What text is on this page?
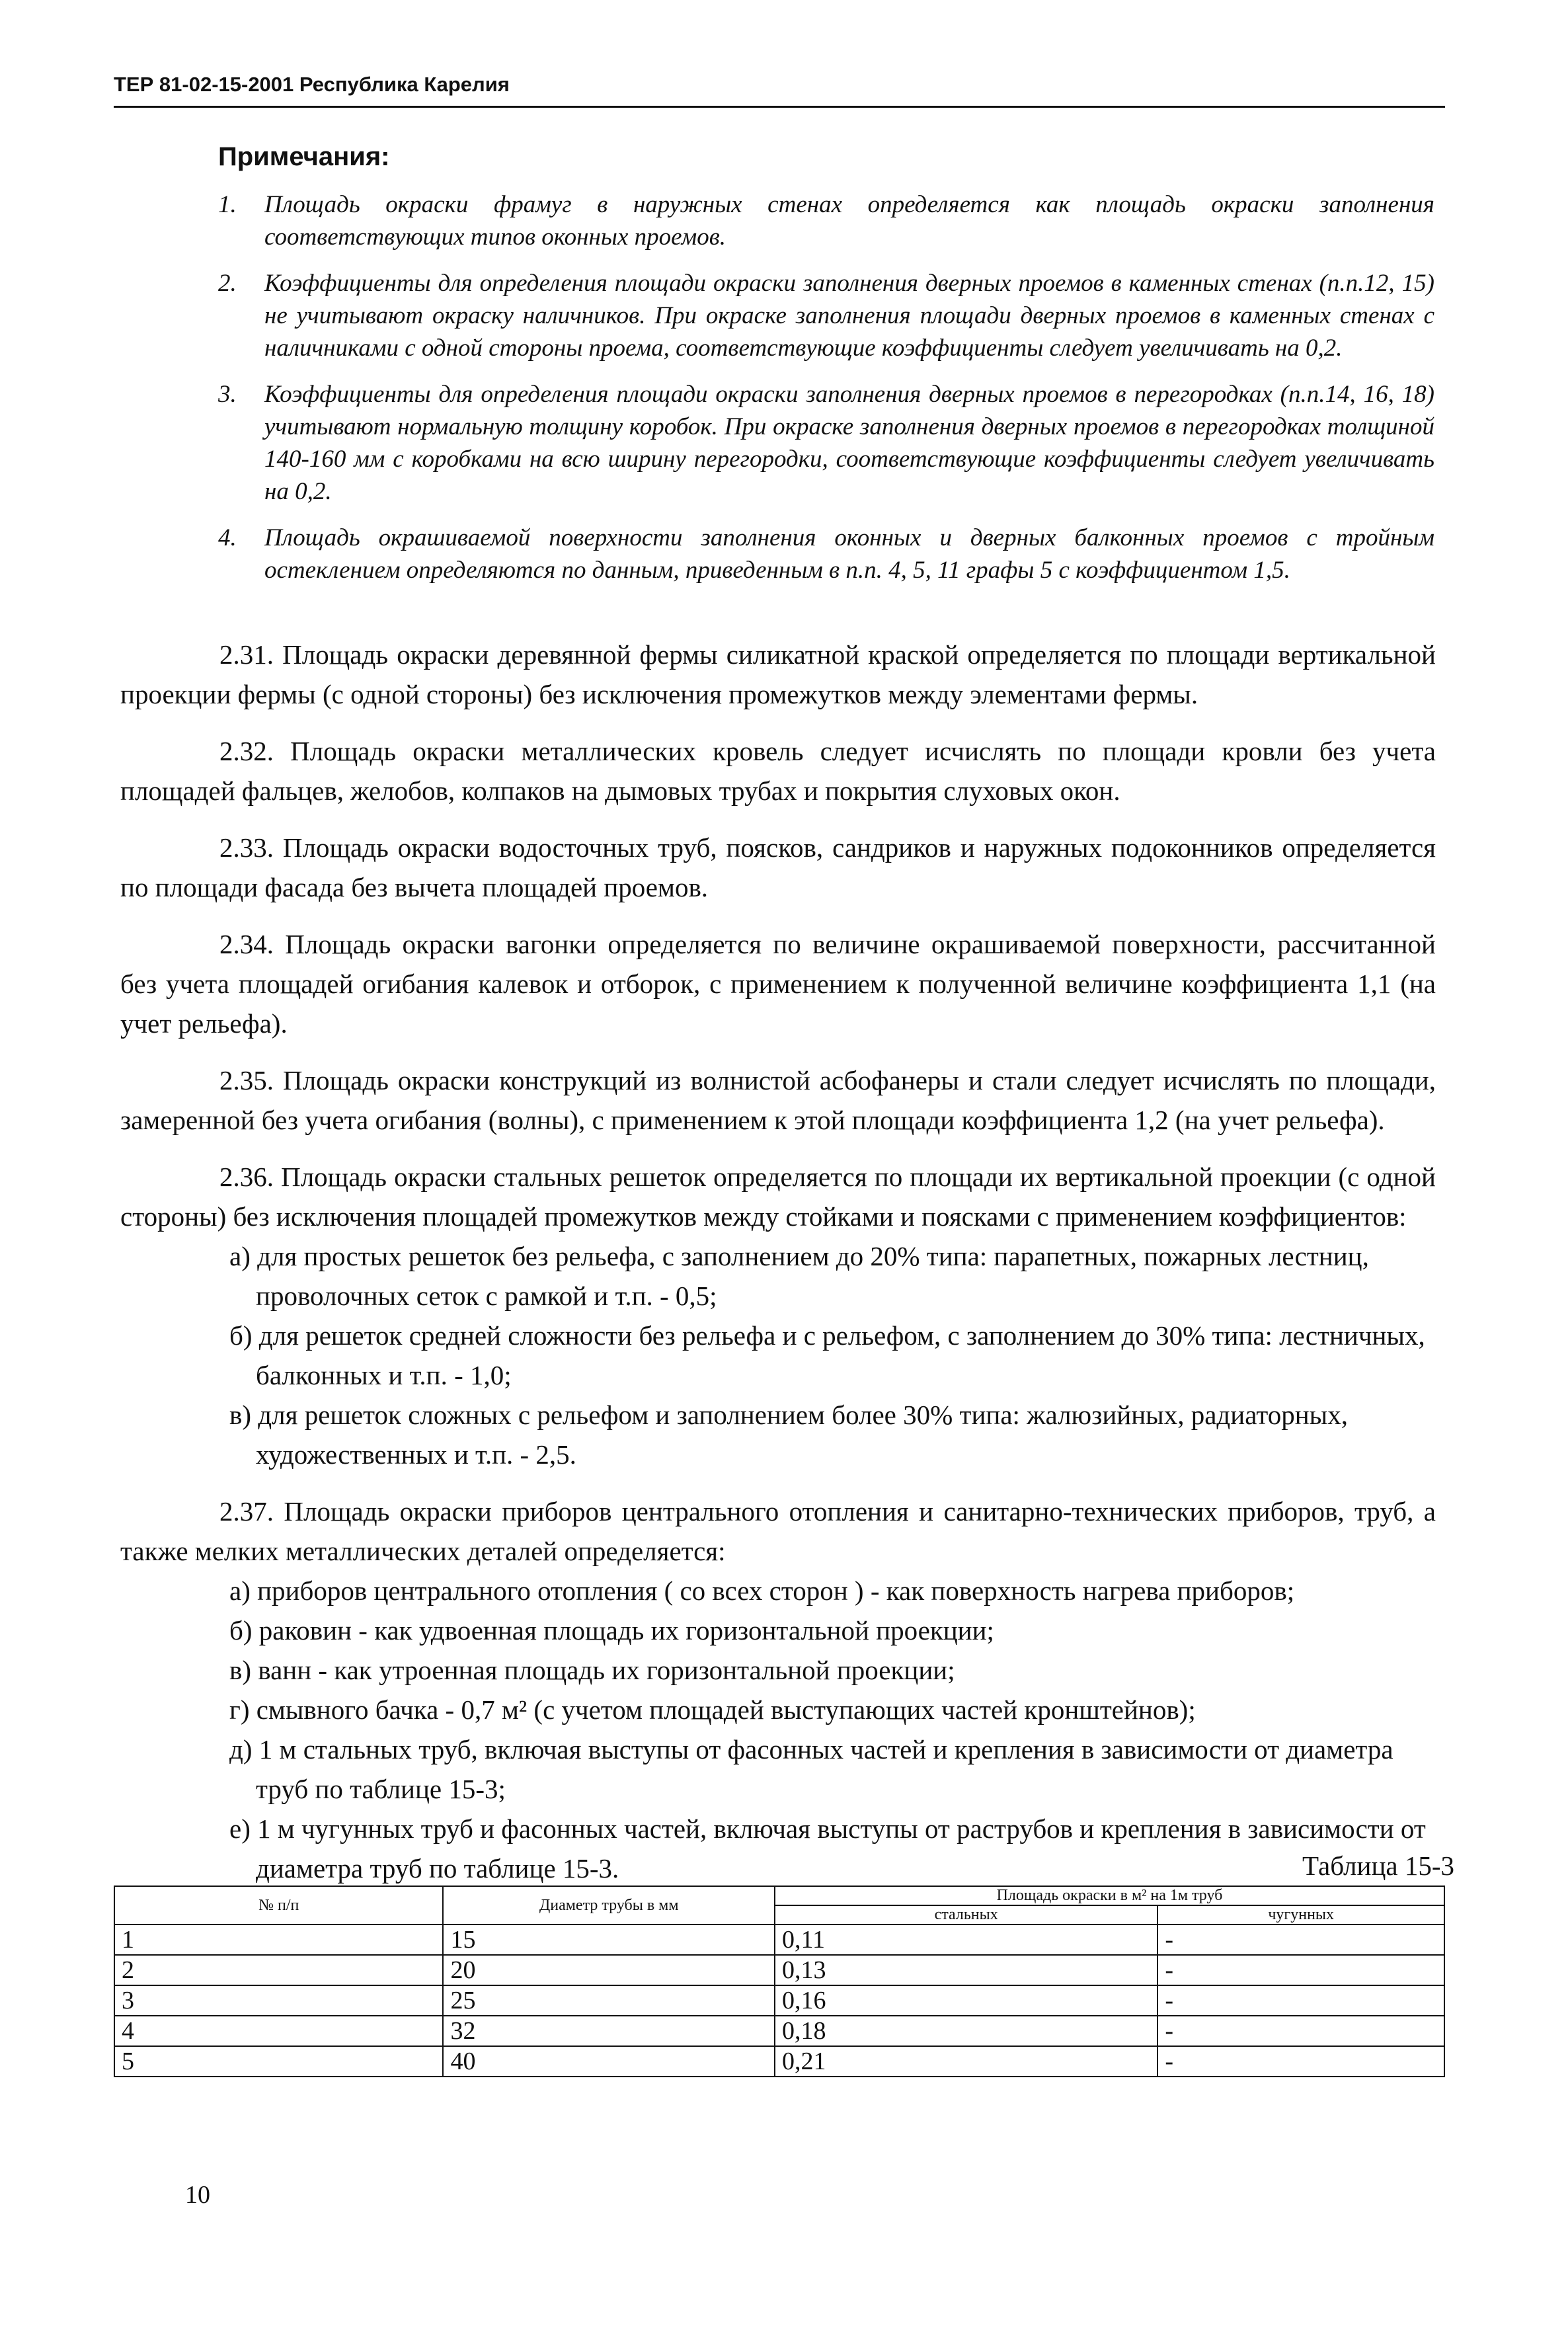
ТЕР 81-02-15-2001 Республика Карелия
Примечания:
1. Площадь окраски фрамуг в наружных стенах определяется как площадь окраски заполнения соответствующих типов оконных проемов.
2. Коэффициенты для определения площади окраски заполнения дверных проемов в каменных стенах (п.п.12, 15) не учитывают окраску наличников. При окраске заполнения площади дверных проемов в каменных стенах с наличниками с одной стороны проема, соответствующие коэффициенты следует увеличивать на 0,2.
3. Коэффициенты для определения площади окраски заполнения дверных проемов в перегородках (п.п.14, 16, 18) учитывают нормальную толщину коробок. При окраске заполнения дверных проемов в перегородках толщиной 140-160 мм с коробками на всю ширину перегородки, соответствующие коэффициенты следует увеличивать на 0,2.
4. Площадь окрашиваемой поверхности заполнения оконных и дверных балконных проемов с тройным остеклением определяются по данным, приведенным в п.п. 4, 5, 11 графы 5 с коэффициентом 1,5.

2.31. Площадь окраски деревянной фермы силикатной краской определяется по площади вертикальной проекции фермы (с одной стороны) без исключения промежутков между элементами фермы.

2.32. Площадь окраски металлических кровель следует исчислять по площади кровли без учета площадей фальцев, желобов, колпаков на дымовых трубах и покрытия слуховых окон.

2.33. Площадь окраски водосточных труб, поясков, сандриков и наружных подоконников определяется по площади фасада без вычета площадей проемов.

2.34. Площадь окраски вагонки определяется по величине окрашиваемой поверхности, рассчитанной без учета площадей огибания калевок и отборок, с применением к полученной величине коэффициента 1,1 (на учет рельефа).

2.35. Площадь окраски конструкций из волнистой асбофанеры и стали следует исчислять по площади, замеренной без учета огибания (волны), с применением к этой площади коэффициента 1,2 (на учет рельефа).

2.36. Площадь окраски стальных решеток определяется по площади их вертикальной проекции (с одной стороны) без исключения площадей промежутков между стойками и поясками с применением коэффициентов:

а) для простых решеток без рельефа, с заполнением до 20% типа: парапетных, пожарных лестниц, проволочных сеток с рамкой и т.п. - 0,5;
б) для решеток средней сложности без рельефа и с рельефом, с заполнением до 30% типа: лестничных, балконных и т.п. - 1,0;
в) для решеток сложных с рельефом и заполнением более 30% типа: жалюзийных, радиаторных, художественных и т.п. - 2,5.

2.37. Площадь окраски приборов центрального отопления и санитарно-технических приборов, труб, а также мелких металлических деталей определяется:

а) приборов центрального отопления ( со всех сторон ) - как поверхность нагрева приборов;
б) раковин - как удвоенная площадь их горизонтальной проекции;
в) ванн - как утроенная площадь их горизонтальной проекции;
г) смывного бачка - 0,7 м² (с учетом площадей выступающих частей кронштейнов);
д) 1 м стальных труб, включая выступы от фасонных частей и крепления в зависимости от диаметра труб по таблице 15-3;
е) 1 м чугунных труб и фасонных частей, включая выступы от раструбов и крепления в зависимости от диаметра труб по таблице 15-3.	Таблица 15-3
№ п/п	Диаметр трубы в мм	Площадь окраски в м² на 1м труб	
		стальных	чугунных
1	15	0,11	-
2	20	0,13	-
3	25	0,16	-
4	32	0,18	-
5	40	0,21	-
10
